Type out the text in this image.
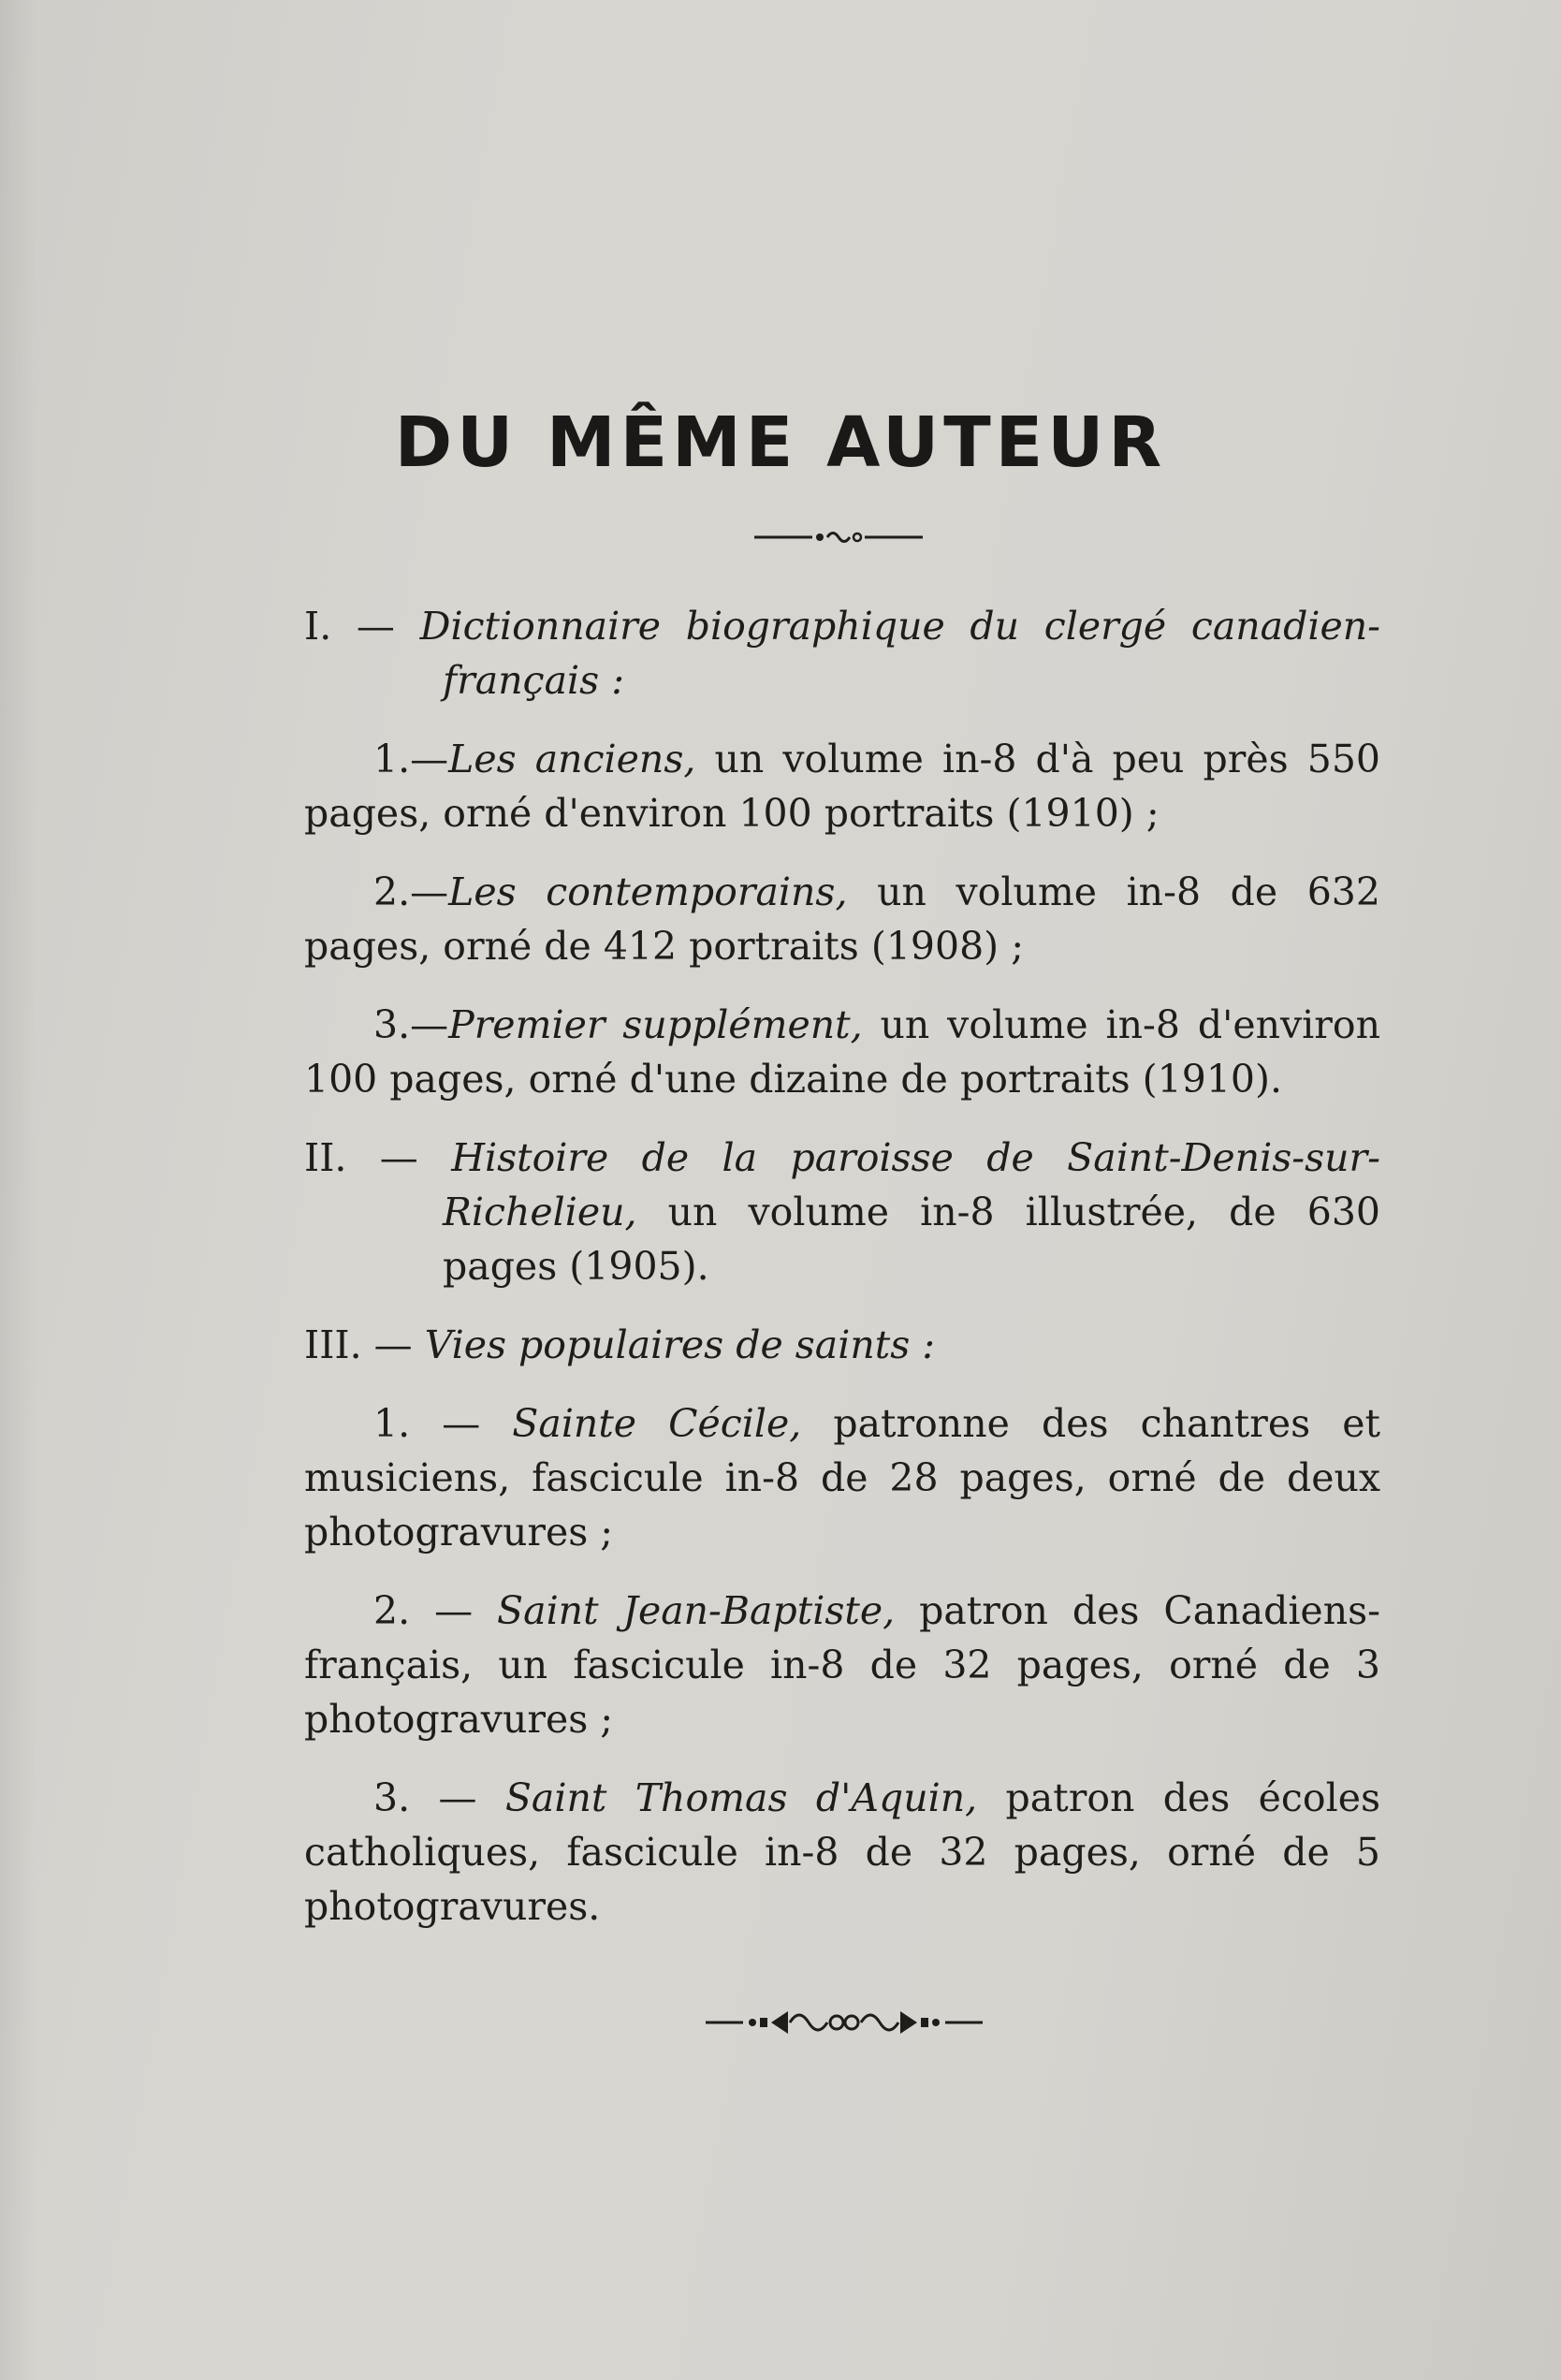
DU MÊME AUTEUR

I. — Dictionnaire biographique du clergé canadien-français :

1.—Les anciens, un volume in-8 d'à peu près 550 pages, orné d'environ 100 portraits (1910) ;

2.—Les contemporains, un volume in-8 de 632 pages, orné de 412 portraits (1908) ;

3.—Premier supplément, un volume in-8 d'environ 100 pages, orné d'une dizaine de portraits (1910).

II. — Histoire de la paroisse de Saint-Denis-sur-Richelieu, un volume in-8 illustrée, de 630 pages (1905).

III. — Vies populaires de saints :

1. — Sainte Cécile, patronne des chantres et musiciens, fascicule in-8 de 28 pages, orné de deux photogravures ;

2. — Saint Jean-Baptiste, patron des Canadiens-français, un fascicule in-8 de 32 pages, orné de 3 photogravures ;

3. — Saint Thomas d'Aquin, patron des écoles catholiques, fascicule in-8 de 32 pages, orné de 5 photogravures.
